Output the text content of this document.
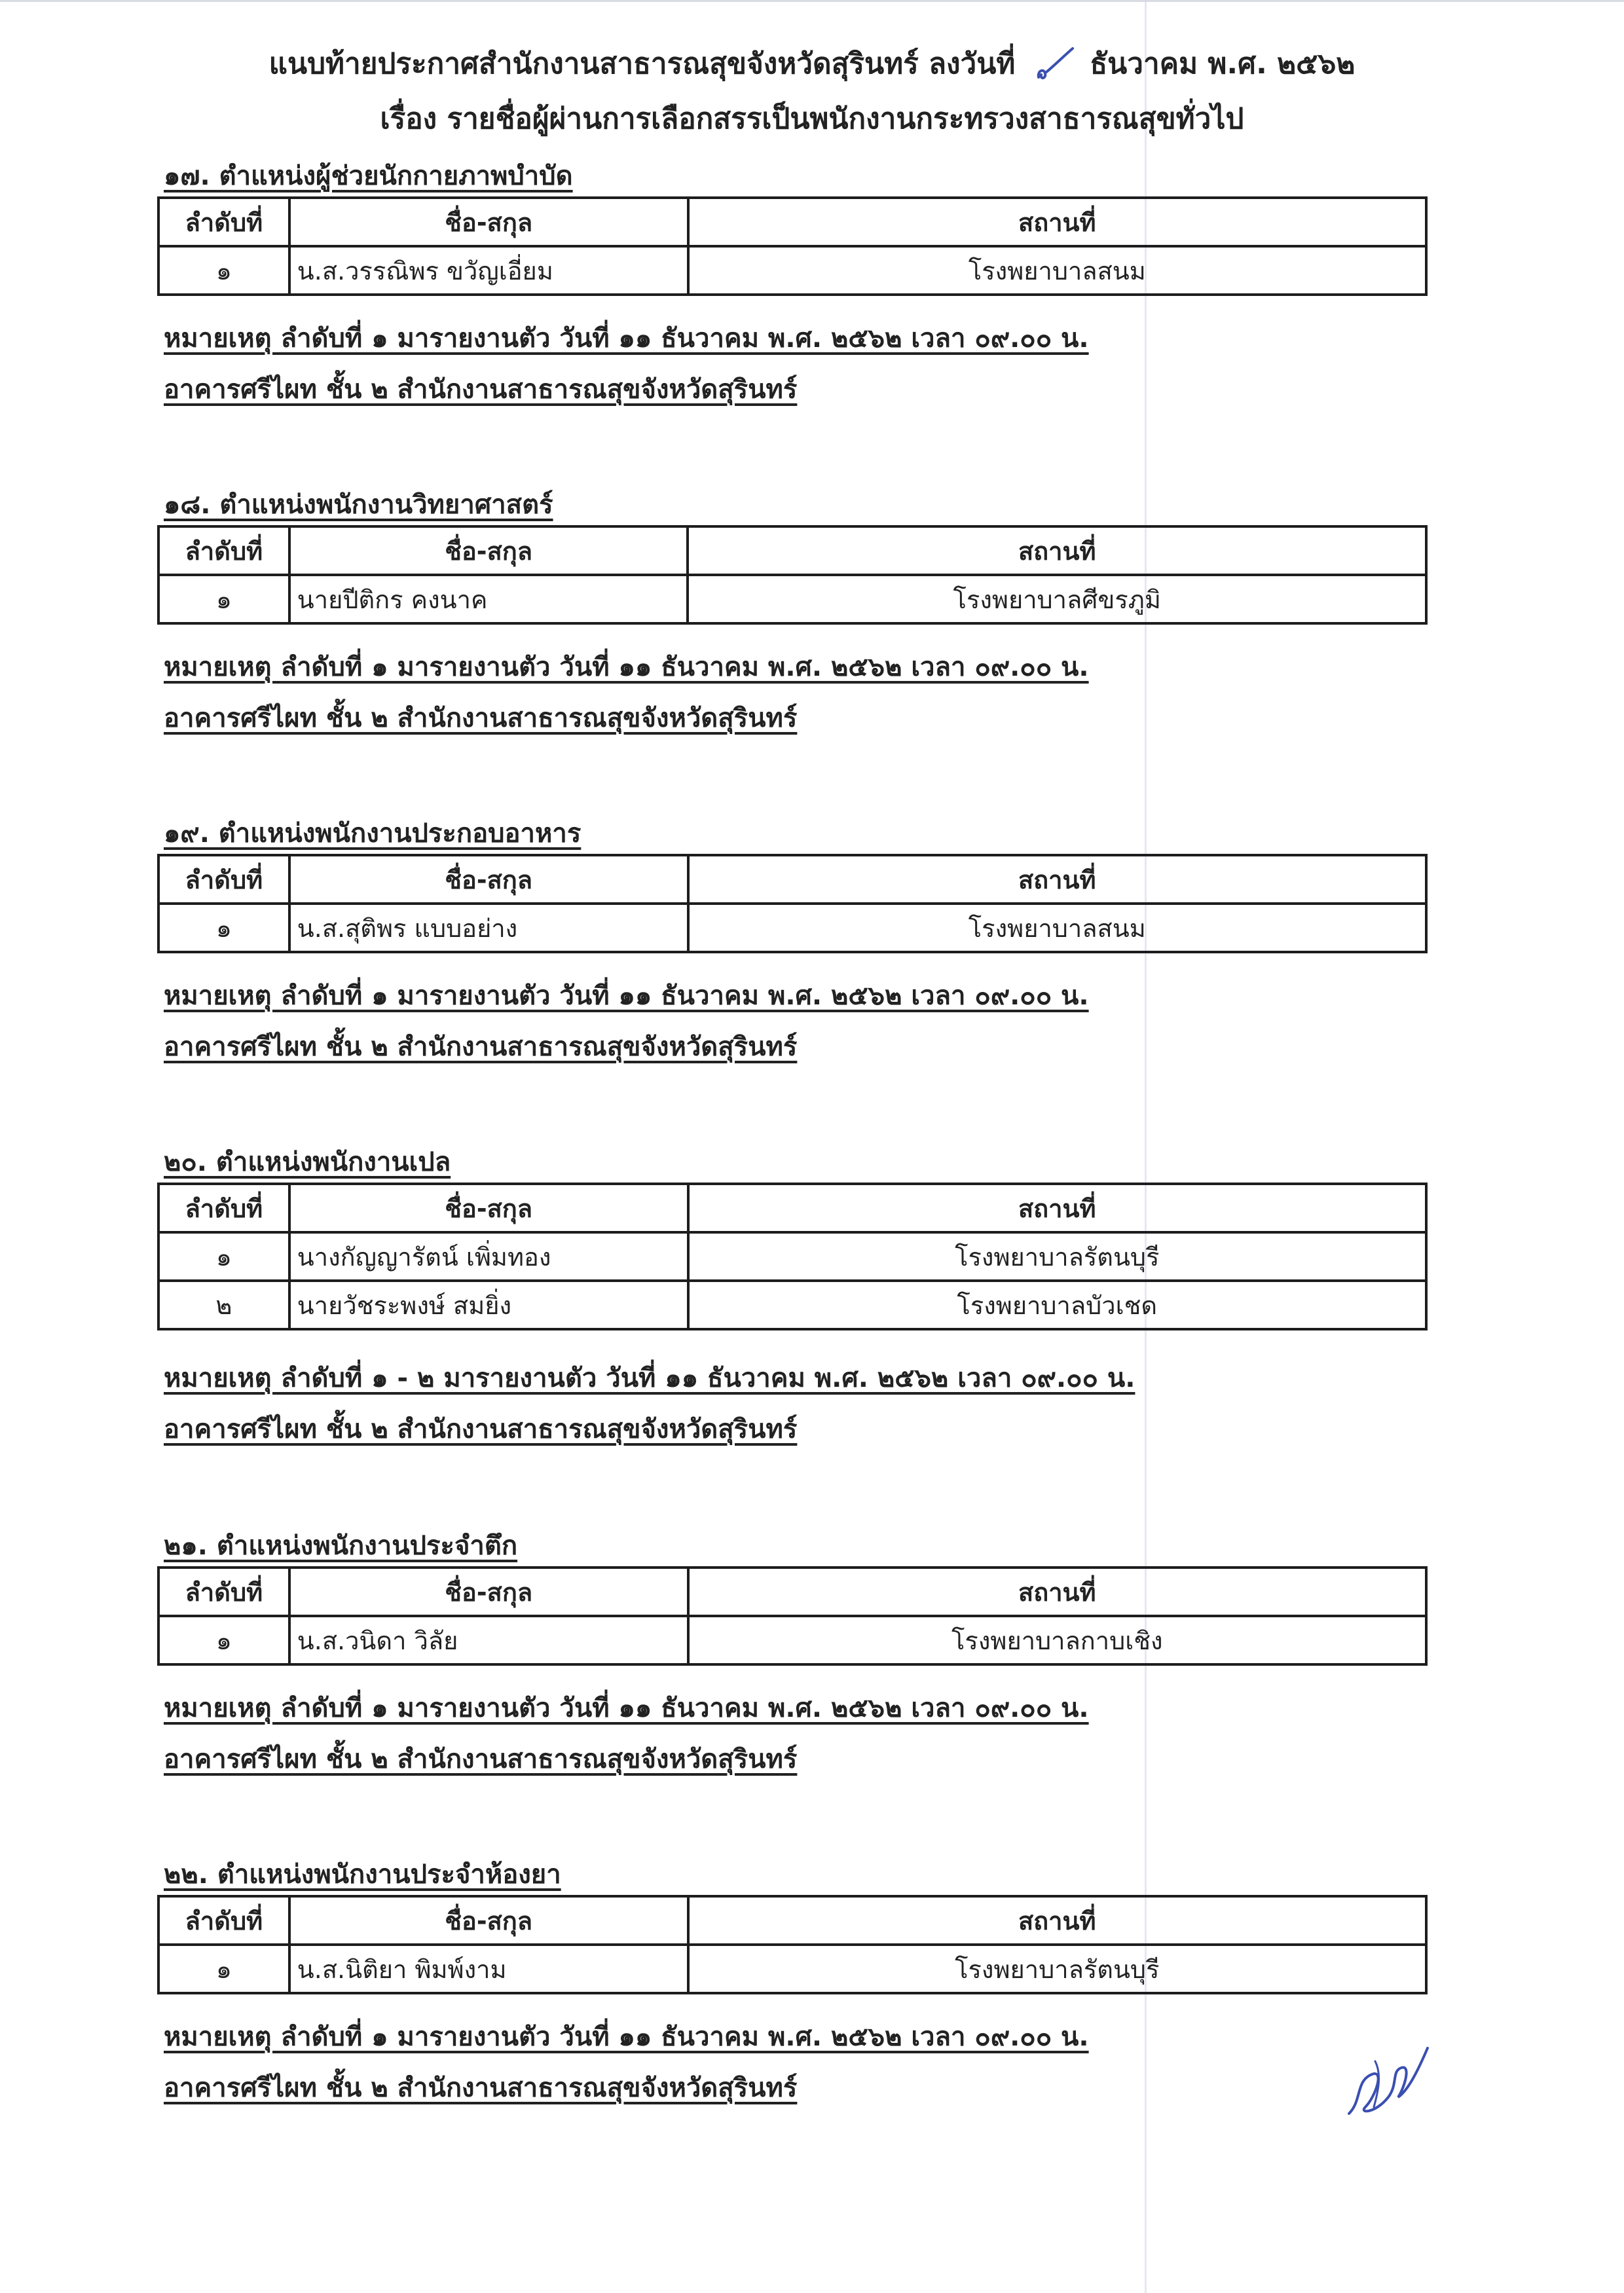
แนบท้ายประกาศสำนักงานสาธารณสุขจังหวัดสุรินทร์ ลงวันที่	ธันวาคม พ.ศ. ๒๕๖๒
เรื่อง รายชื่อผู้ผ่านการเลือกสรรเป็นพนักงานกระทรวงสาธารณสุขทั่วไป
๑๗. ตำแหน่งผู้ช่วยนักกายภาพบำบัด
ลำดับที่	ชื่อ-สกุล	สถานที่
๑	น.ส.วรรณิพร ขวัญเอี่ยม	โรงพยาบาลสนม
หมายเหตุ ลำดับที่ ๑ มารายงานตัว วันที่ ๑๑ ธันวาคม พ.ศ. ๒๕๖๒ เวลา ๐๙.๐๐ น.
อาคารศรีไผท ชั้น ๒ สำนักงานสาธารณสุขจังหวัดสุรินทร์
๑๘. ตำแหน่งพนักงานวิทยาศาสตร์
ลำดับที่	ชื่อ-สกุล	สถานที่
๑	นายปีติกร คงนาค	โรงพยาบาลศีขรภูมิ
หมายเหตุ ลำดับที่ ๑ มารายงานตัว วันที่ ๑๑ ธันวาคม พ.ศ. ๒๕๖๒ เวลา ๐๙.๐๐ น.
อาคารศรีไผท ชั้น ๒ สำนักงานสาธารณสุขจังหวัดสุรินทร์
๑๙. ตำแหน่งพนักงานประกอบอาหาร
ลำดับที่	ชื่อ-สกุล	สถานที่
๑	น.ส.สุติพร แบบอย่าง	โรงพยาบาลสนม
หมายเหตุ ลำดับที่ ๑ มารายงานตัว วันที่ ๑๑ ธันวาคม พ.ศ. ๒๕๖๒ เวลา ๐๙.๐๐ น.
อาคารศรีไผท ชั้น ๒ สำนักงานสาธารณสุขจังหวัดสุรินทร์
๒๐. ตำแหน่งพนักงานเปล
ลำดับที่	ชื่อ-สกุล	สถานที่
๑	นางกัญญารัตน์ เพิ่มทอง	โรงพยาบาลรัตนบุรี
๒	นายวัชระพงษ์ สมยิ่ง	โรงพยาบาลบัวเชด
หมายเหตุ ลำดับที่ ๑ - ๒ มารายงานตัว วันที่ ๑๑ ธันวาคม พ.ศ. ๒๕๖๒ เวลา ๐๙.๐๐ น.
อาคารศรีไผท ชั้น ๒ สำนักงานสาธารณสุขจังหวัดสุรินทร์
๒๑. ตำแหน่งพนักงานประจำตึก
ลำดับที่	ชื่อ-สกุล	สถานที่
๑	น.ส.วนิดา วิลัย	โรงพยาบาลกาบเชิง
หมายเหตุ ลำดับที่ ๑ มารายงานตัว วันที่ ๑๑ ธันวาคม พ.ศ. ๒๕๖๒ เวลา ๐๙.๐๐ น.
อาคารศรีไผท ชั้น ๒ สำนักงานสาธารณสุขจังหวัดสุรินทร์
๒๒. ตำแหน่งพนักงานประจำห้องยา
ลำดับที่	ชื่อ-สกุล	สถานที่
๑	น.ส.นิติยา พิมพ์งาม	โรงพยาบาลรัตนบุรี
หมายเหตุ ลำดับที่ ๑ มารายงานตัว วันที่ ๑๑ ธันวาคม พ.ศ. ๒๕๖๒ เวลา ๐๙.๐๐ น.
อาคารศรีไผท ชั้น ๒ สำนักงานสาธารณสุขจังหวัดสุรินทร์
